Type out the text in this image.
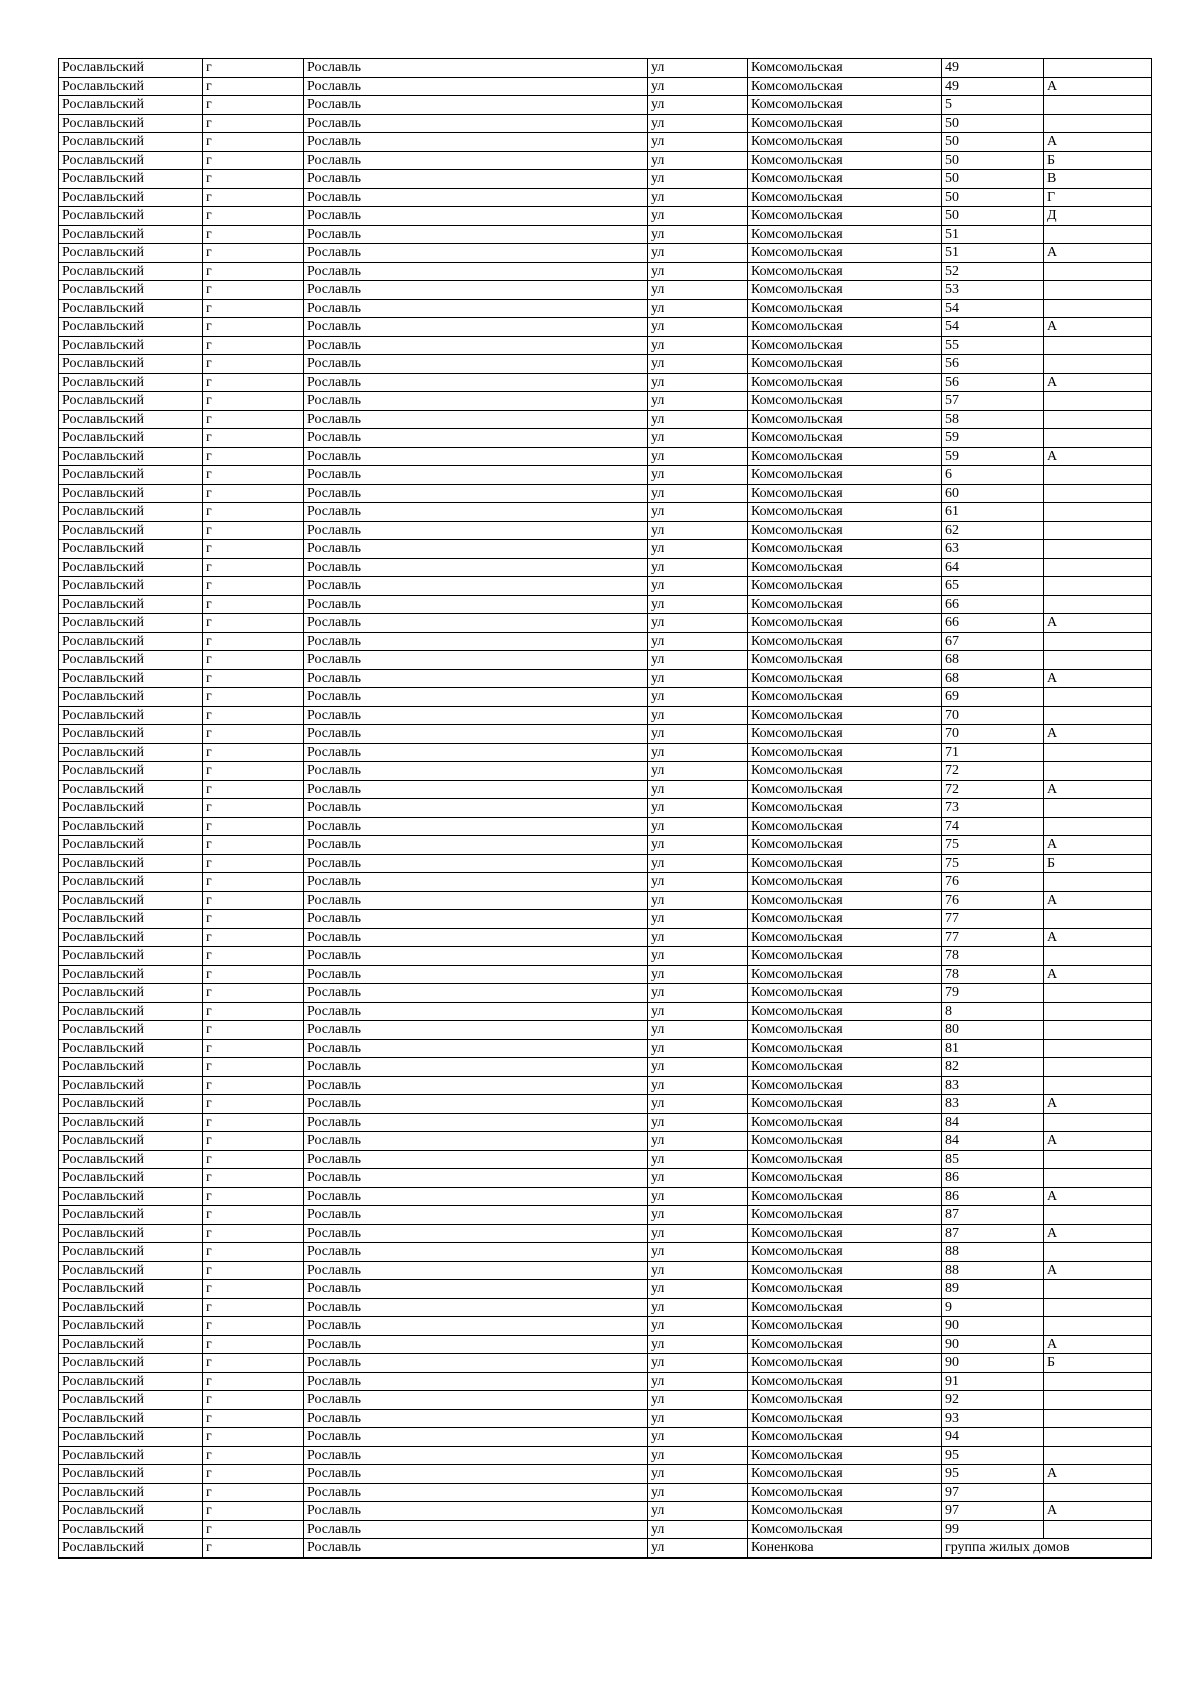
Рославльский	г	Рославль	ул	Комсомольская	49	
Рославльский	г	Рославль	ул	Комсомольская	49	А
Рославльский	г	Рославль	ул	Комсомольская	5	
Рославльский	г	Рославль	ул	Комсомольская	50	
Рославльский	г	Рославль	ул	Комсомольская	50	А
Рославльский	г	Рославль	ул	Комсомольская	50	Б
Рославльский	г	Рославль	ул	Комсомольская	50	В
Рославльский	г	Рославль	ул	Комсомольская	50	Г
Рославльский	г	Рославль	ул	Комсомольская	50	Д
Рославльский	г	Рославль	ул	Комсомольская	51	
Рославльский	г	Рославль	ул	Комсомольская	51	А
Рославльский	г	Рославль	ул	Комсомольская	52	
Рославльский	г	Рославль	ул	Комсомольская	53	
Рославльский	г	Рославль	ул	Комсомольская	54	
Рославльский	г	Рославль	ул	Комсомольская	54	А
Рославльский	г	Рославль	ул	Комсомольская	55	
Рославльский	г	Рославль	ул	Комсомольская	56	
Рославльский	г	Рославль	ул	Комсомольская	56	А
Рославльский	г	Рославль	ул	Комсомольская	57	
Рославльский	г	Рославль	ул	Комсомольская	58	
Рославльский	г	Рославль	ул	Комсомольская	59	
Рославльский	г	Рославль	ул	Комсомольская	59	А
Рославльский	г	Рославль	ул	Комсомольская	6	
Рославльский	г	Рославль	ул	Комсомольская	60	
Рославльский	г	Рославль	ул	Комсомольская	61	
Рославльский	г	Рославль	ул	Комсомольская	62	
Рославльский	г	Рославль	ул	Комсомольская	63	
Рославльский	г	Рославль	ул	Комсомольская	64	
Рославльский	г	Рославль	ул	Комсомольская	65	
Рославльский	г	Рославль	ул	Комсомольская	66	
Рославльский	г	Рославль	ул	Комсомольская	66	А
Рославльский	г	Рославль	ул	Комсомольская	67	
Рославльский	г	Рославль	ул	Комсомольская	68	
Рославльский	г	Рославль	ул	Комсомольская	68	А
Рославльский	г	Рославль	ул	Комсомольская	69	
Рославльский	г	Рославль	ул	Комсомольская	70	
Рославльский	г	Рославль	ул	Комсомольская	70	А
Рославльский	г	Рославль	ул	Комсомольская	71	
Рославльский	г	Рославль	ул	Комсомольская	72	
Рославльский	г	Рославль	ул	Комсомольская	72	А
Рославльский	г	Рославль	ул	Комсомольская	73	
Рославльский	г	Рославль	ул	Комсомольская	74	
Рославльский	г	Рославль	ул	Комсомольская	75	А
Рославльский	г	Рославль	ул	Комсомольская	75	Б
Рославльский	г	Рославль	ул	Комсомольская	76	
Рославльский	г	Рославль	ул	Комсомольская	76	А
Рославльский	г	Рославль	ул	Комсомольская	77	
Рославльский	г	Рославль	ул	Комсомольская	77	А
Рославльский	г	Рославль	ул	Комсомольская	78	
Рославльский	г	Рославль	ул	Комсомольская	78	А
Рославльский	г	Рославль	ул	Комсомольская	79	
Рославльский	г	Рославль	ул	Комсомольская	8	
Рославльский	г	Рославль	ул	Комсомольская	80	
Рославльский	г	Рославль	ул	Комсомольская	81	
Рославльский	г	Рославль	ул	Комсомольская	82	
Рославльский	г	Рославль	ул	Комсомольская	83	
Рославльский	г	Рославль	ул	Комсомольская	83	А
Рославльский	г	Рославль	ул	Комсомольская	84	
Рославльский	г	Рославль	ул	Комсомольская	84	А
Рославльский	г	Рославль	ул	Комсомольская	85	
Рославльский	г	Рославль	ул	Комсомольская	86	
Рославльский	г	Рославль	ул	Комсомольская	86	А
Рославльский	г	Рославль	ул	Комсомольская	87	
Рославльский	г	Рославль	ул	Комсомольская	87	А
Рославльский	г	Рославль	ул	Комсомольская	88	
Рославльский	г	Рославль	ул	Комсомольская	88	А
Рославльский	г	Рославль	ул	Комсомольская	89	
Рославльский	г	Рославль	ул	Комсомольская	9	
Рославльский	г	Рославль	ул	Комсомольская	90	
Рославльский	г	Рославль	ул	Комсомольская	90	А
Рославльский	г	Рославль	ул	Комсомольская	90	Б
Рославльский	г	Рославль	ул	Комсомольская	91	
Рославльский	г	Рославль	ул	Комсомольская	92	
Рославльский	г	Рославль	ул	Комсомольская	93	
Рославльский	г	Рославль	ул	Комсомольская	94	
Рославльский	г	Рославль	ул	Комсомольская	95	
Рославльский	г	Рославль	ул	Комсомольская	95	А
Рославльский	г	Рославль	ул	Комсомольская	97	
Рославльский	г	Рославль	ул	Комсомольская	97	А
Рославльский	г	Рославль	ул	Комсомольская	99	
Рославльский	г	Рославль	ул	Коненкова	группа жилых домов	
